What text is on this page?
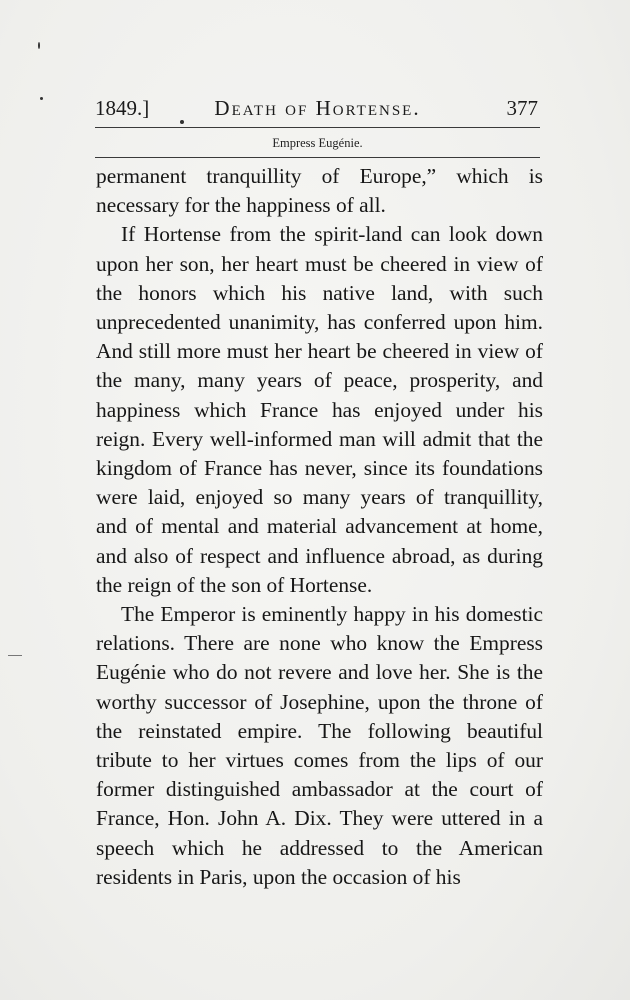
1849.]	Death of Hortense.	377
Empress Eugénie.

permanent tranquillity of Europe,” which is necessary for the happiness of all.

If Hortense from the spirit-land can look down upon her son, her heart must be cheered in view of the honors which his native land, with such unprecedented unanimity, has conferred upon him. And still more must her heart be cheered in view of the many, many years of peace, prosperity, and happiness which France has enjoyed under his reign. Every well-informed man will admit that the kingdom of France has never, since its foundations were laid, enjoyed so many years of tranquillity, and of mental and material advancement at home, and also of respect and influence abroad, as during the reign of the son of Hortense.

The Emperor is eminently happy in his domestic relations. There are none who know the Empress Eugénie who do not revere and love her. She is the worthy successor of Josephine, upon the throne of the reinstated empire. The following beautiful tribute to her virtues comes from the lips of our former distinguished ambassador at the court of France, Hon. John A. Dix. They were uttered in a speech which he addressed to the American residents in Paris, upon the occasion of his
